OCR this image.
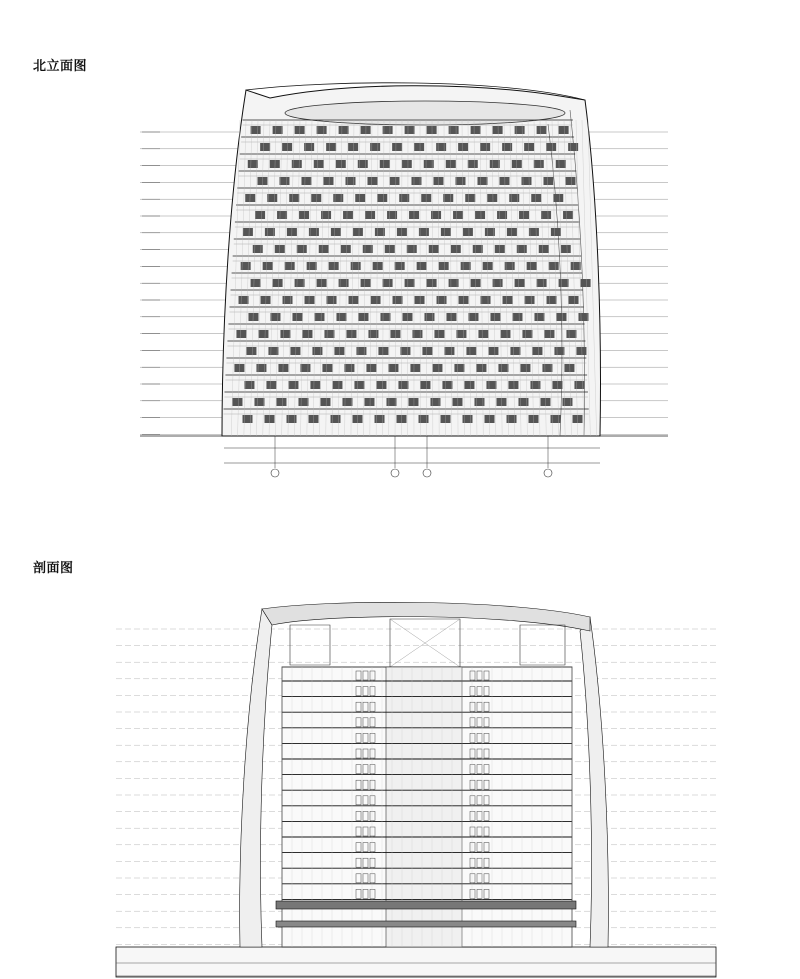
北立面图
剖面图
